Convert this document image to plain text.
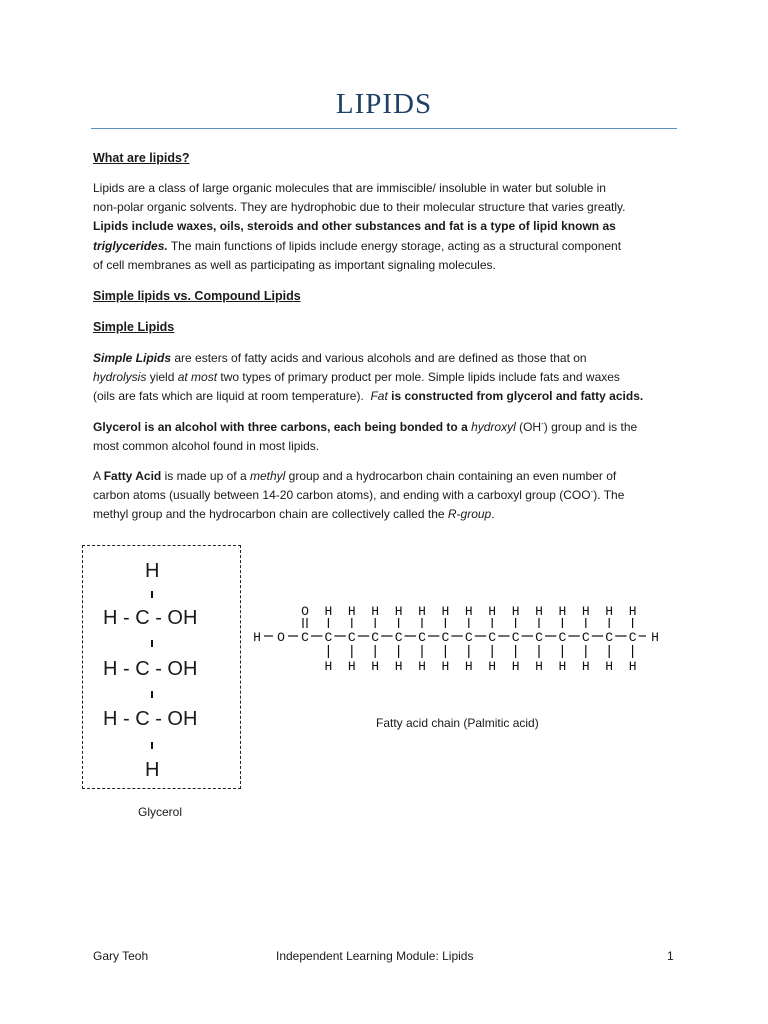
LIPIDS
What are lipids?
Lipids are a class of large organic molecules that are immiscible/ insoluble in water but soluble in
non-polar organic solvents. They are hydrophobic due to their molecular structure that varies greatly.
Lipids include waxes, oils, steroids and other substances and fat is a type of lipid known as
triglycerides. The main functions of lipids include energy storage, acting as a structural component
of cell membranes as well as participating as important signaling molecules.
Simple lipids vs. Compound Lipids
Simple Lipids
Simple Lipids are esters of fatty acids and various alcohols and are defined as those that on
hydrolysis yield at most two types of primary product per mole. Simple lipids include fats and waxes
(oils are fats which are liquid at room temperature).  Fat is constructed from glycerol and fatty acids.
Glycerol is an alcohol with three carbons, each being bonded to a hydroxyl (OH-) group and is the
most common alcohol found in most lipids.
A Fatty Acid is made up of a methyl group and a hydrocarbon chain containing an even number of
carbon atoms (usually between 14-20 carbon atoms), and ending with a carboxyl group (COO-). The
methyl group and the hydrocarbon chain are collectively called the R-group.
H
H - C - OH
H - C - OH
H - C - OH
H
Glycerol
H O C
O
C
H
H
C
H
H
C
H
H
C
H
H
C
H
H
C
H
H
C
H
H
C
H
H
C
H
H
C
H
H
C
H
H
C
H
H
C
H
H
C
H
H
H
Fatty acid chain (Palmitic acid)
Gary Teoh	Independent Learning Module: Lipids	1
